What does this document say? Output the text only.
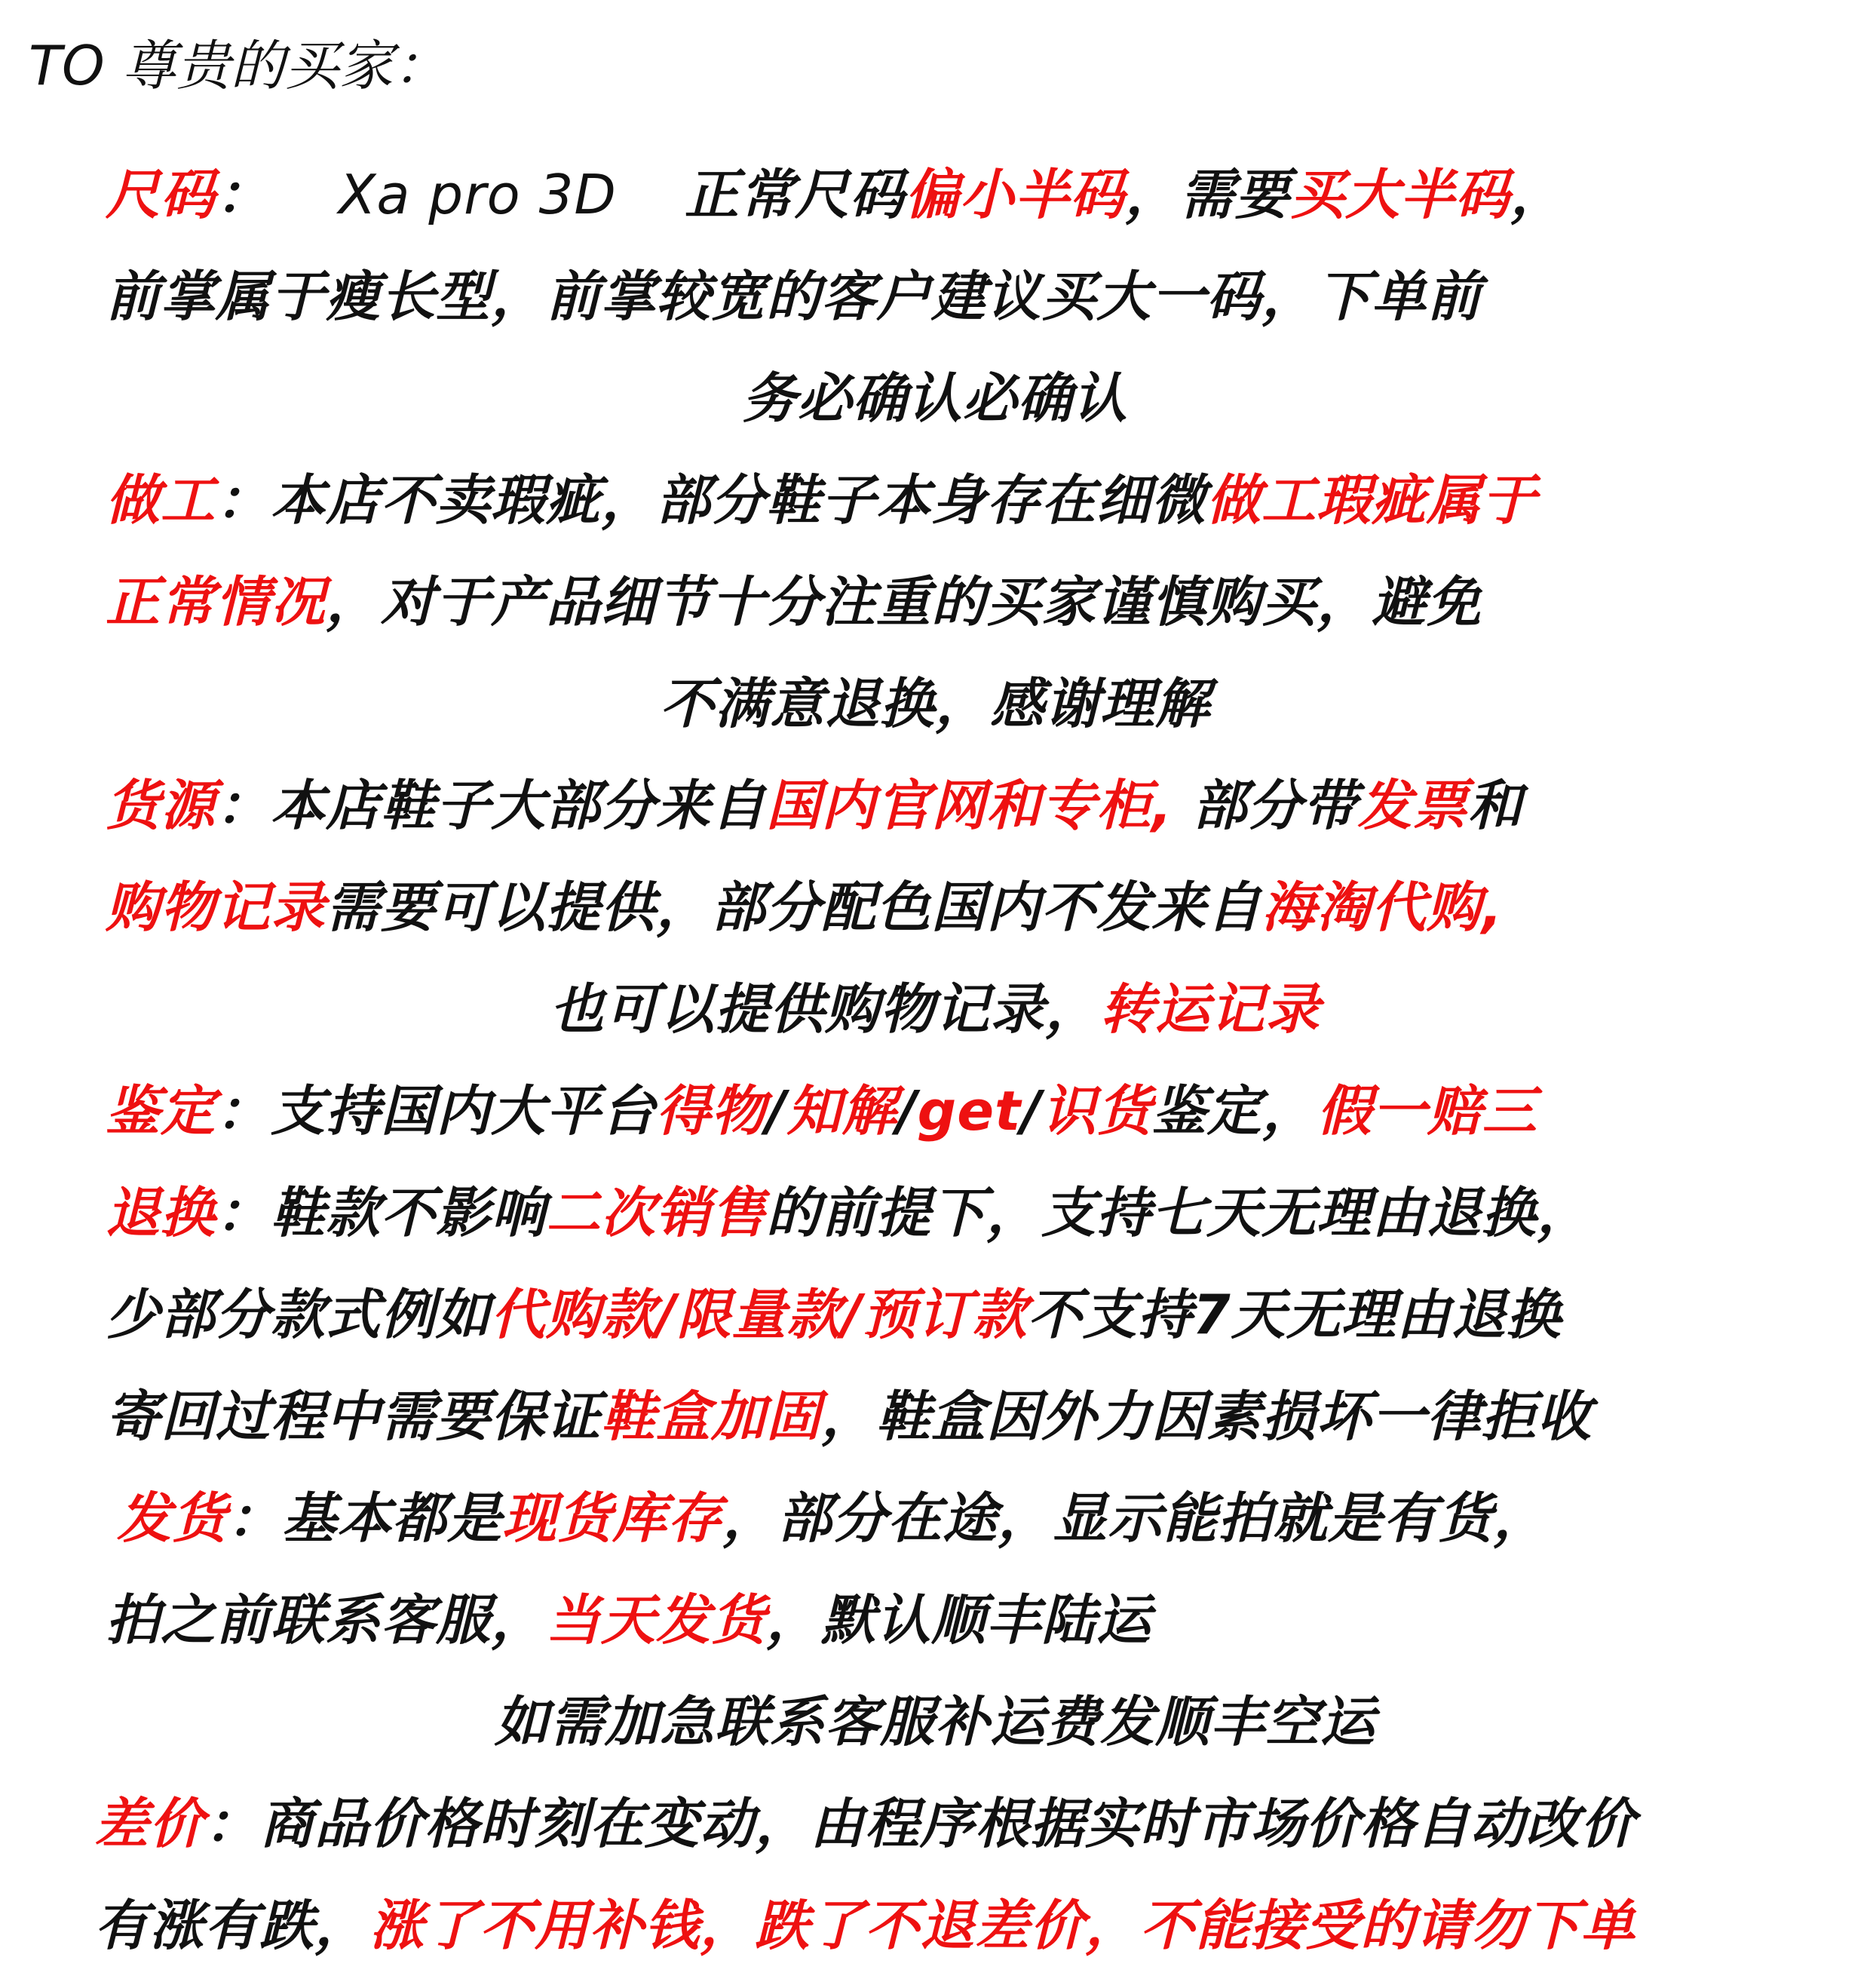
TO 尊贵的买家：
尺码： Xa pro 3D 正常尺码偏小半码，需要买大半码，
前掌属于瘦长型，前掌较宽的客户建议买大一码，下单前
务必确认必确认
做工：本店不卖瑕疵，部分鞋子本身存在细微做工瑕疵属于
正常情况，对于产品细节十分注重的买家谨慎购买，避免
不满意退换，感谢理解
货源：本店鞋子大部分来自国内官网和专柜, 部分带发票和
购物记录需要可以提供，部分配色国内不发来自海淘代购,
也可以提供购物记录，转运记录
鉴定：支持国内大平台得物/知解/get/识货鉴定，假一赔三
退换：鞋款不影响二次销售的前提下，支持七天无理由退换，
少部分款式例如代购款/限量款/预订款不支持7天无理由退换
寄回过程中需要保证鞋盒加固，鞋盒因外力因素损坏一律拒收
发货：基本都是现货库存，部分在途，显示能拍就是有货，
拍之前联系客服，当天发货，默认顺丰陆运
如需加急联系客服补运费发顺丰空运
差价：商品价格时刻在变动，由程序根据实时市场价格自动改价
有涨有跌，涨了不用补钱，跌了不退差价，不能接受的请勿下单
